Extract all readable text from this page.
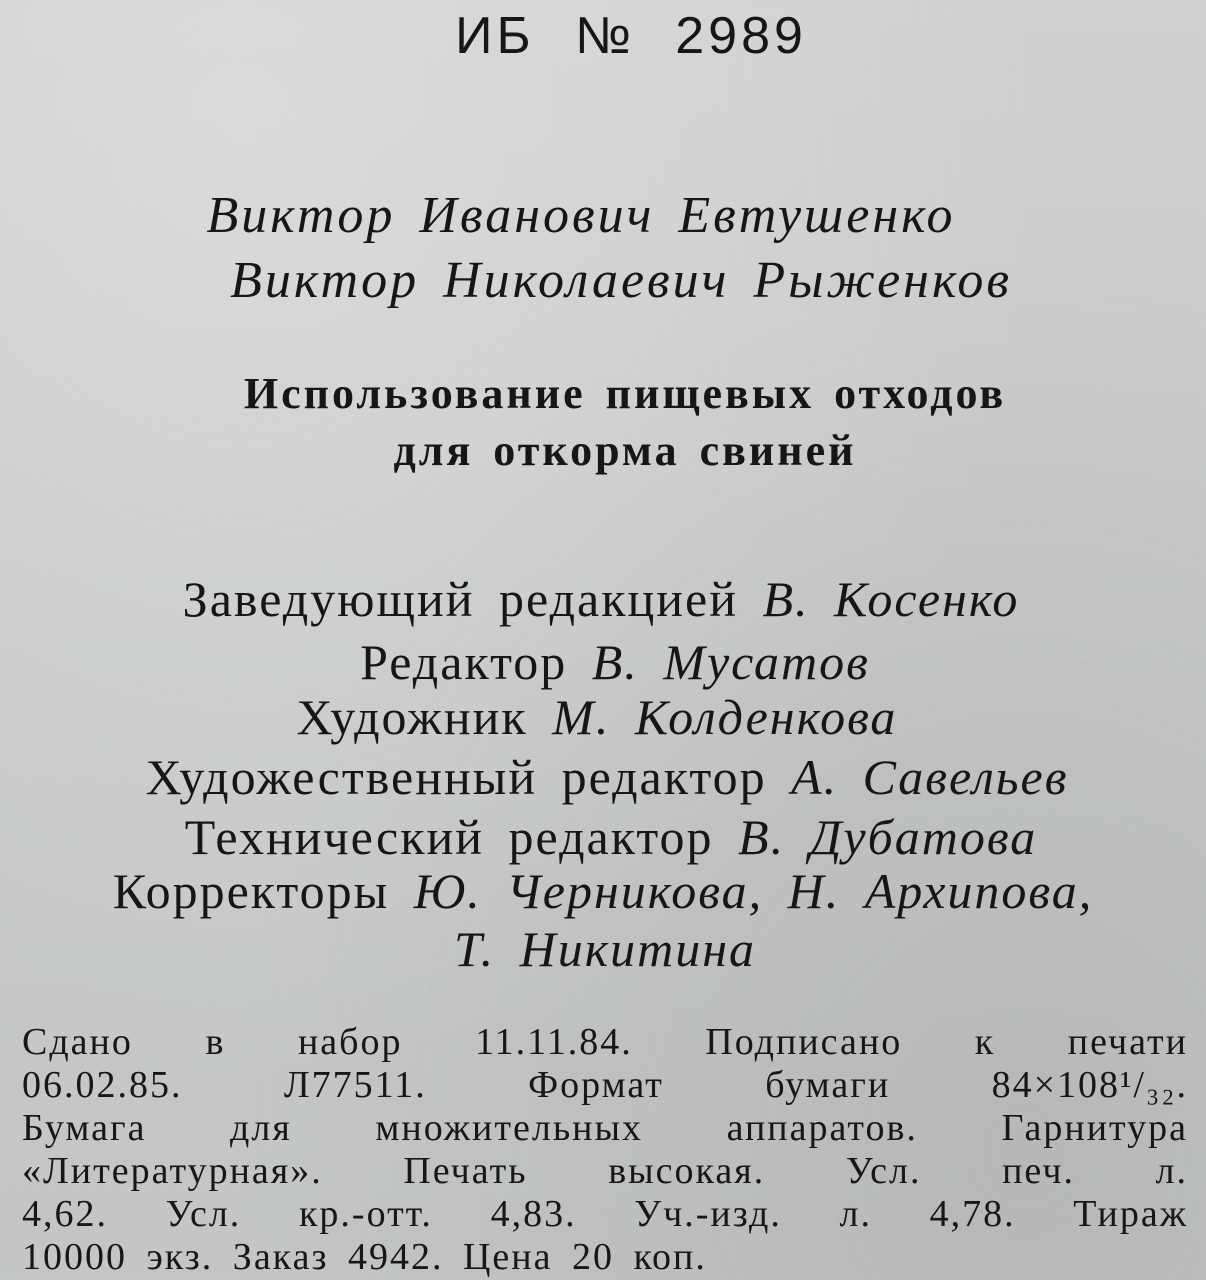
ИБ № 2989
Виктор Иванович Евтушенко
Виктор Николаевич Рыженков
Использование пищевых отходов
для откорма свиней
Заведующий редакцией В. Косенко
Редактор В. Мусатов
Художник М. Колденкова
Художественный редактор А. Савельев
Технический редактор В. Дубатова
Корректоры Ю. Черникова, Н. Архипова,
Т. Никитина
Сдано в набор 11.11.84. Подписано к печати
06.02.85. Л77511. Формат бумаги 84×108¹/₃₂.
Бумага для множительных аппаратов. Гарнитура
«Литературная». Печать высокая. Усл. печ. л.
4,62. Усл. кр.-отт. 4,83. Уч.-изд. л. 4,78. Тираж
10000 экз. Заказ 4942. Цена 20 коп.
